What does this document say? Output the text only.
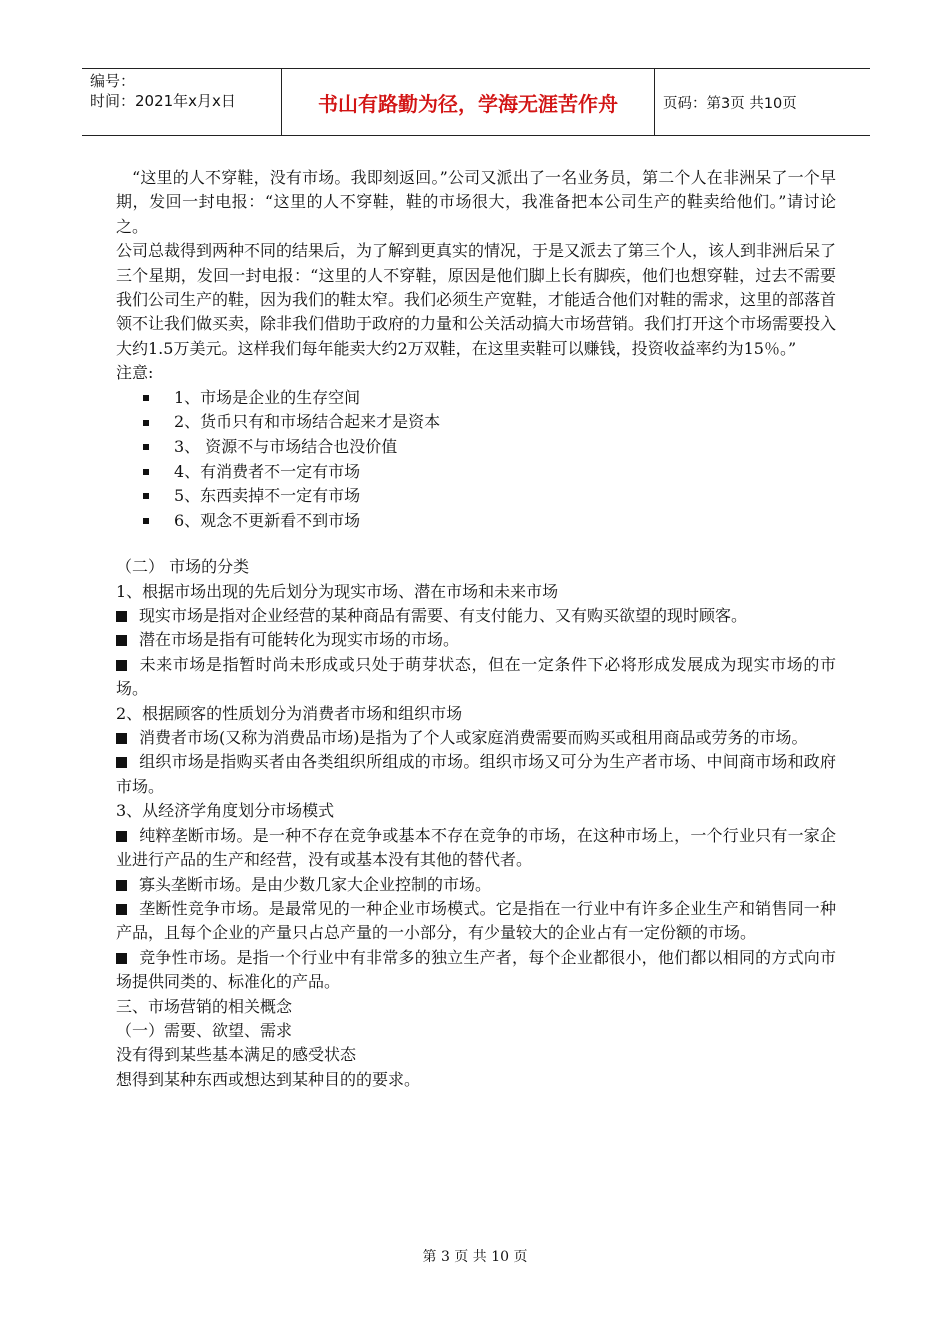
编号：
时间：2021年x月x日	书山有路勤为径，学海无涯苦作舟	页码：第3页 共10页

“这里的人不穿鞋，没有市场。我即刻返回。”公司又派出了一名业务员，第二个人在非洲呆了一个早期，发回一封电报：“这里的人不穿鞋，鞋的市场很大，我准备把本公司生产的鞋卖给他们。”请讨论之。

公司总裁得到两种不同的结果后，为了解到更真实的情况，于是又派去了第三个人，该人到非洲后呆了三个星期，发回一封电报：“这里的人不穿鞋，原因是他们脚上长有脚疾，他们也想穿鞋，过去不需要我们公司生产的鞋，因为我们的鞋太窄。我们必须生产宽鞋，才能适合他们对鞋的需求，这里的部落首领不让我们做买卖，除非我们借助于政府的力量和公关活动搞大市场营销。我们打开这个市场需要投入大约1.5万美元。这样我们每年能卖大约2万双鞋，在这里卖鞋可以赚钱，投资收益率约为15％。”

注意:

1、市场是企业的生存空间
2、货币只有和市场结合起来才是资本
3、 资源不与市场结合也没价值
4、有消费者不一定有市场
5、东西卖掉不一定有市场
6、观念不更新看不到市场

（二） 市场的分类

1、根据市场出现的先后划分为现实市场、潜在市场和未来市场

现实市场是指对企业经营的某种商品有需要、有支付能力、又有购买欲望的现时顾客。

潜在市场是指有可能转化为现实市场的市场。

未来市场是指暂时尚未形成或只处于萌芽状态，但在一定条件下必将形成发展成为现实市场的市场。

2、根据顾客的性质划分为消费者市场和组织市场

消费者市场(又称为消费品市场)是指为了个人或家庭消费需要而购买或租用商品或劳务的市场。

组织市场是指购买者由各类组织所组成的市场。组织市场又可分为生产者市场、中间商市场和政府市场。

3、从经济学角度划分市场模式

纯粹垄断市场。是一种不存在竞争或基本不存在竞争的市场，在这种市场上，一个行业只有一家企业进行产品的生产和经营，没有或基本没有其他的替代者。

寡头垄断市场。是由少数几家大企业控制的市场。

垄断性竞争市场。是最常见的一种企业市场模式。它是指在一行业中有许多企业生产和销售同一种产品，且每个企业的产量只占总产量的一小部分，有少量较大的企业占有一定份额的市场。

竞争性市场。是指一个行业中有非常多的独立生产者，每个企业都很小，他们都以相同的方式向市场提供同类的、标准化的产品。

三、市场营销的相关概念

（一）需要、欲望、需求

没有得到某些基本满足的感受状态

想得到某种东西或想达到某种目的的要求。

第 3 页 共 10 页
